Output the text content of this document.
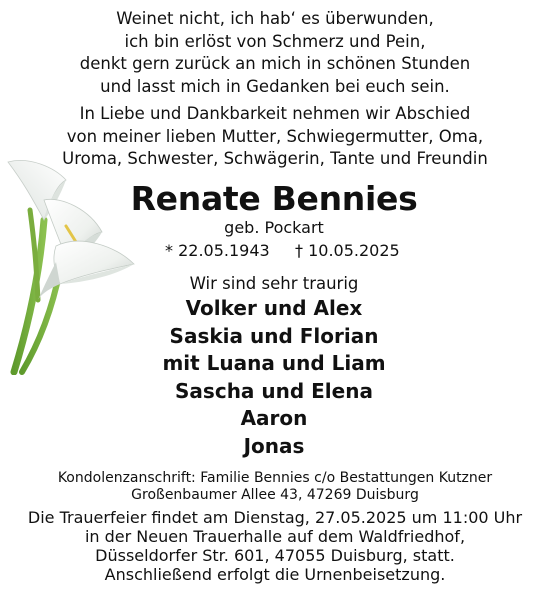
Weinet nicht, ich hab‘ es überwunden,
ich bin erlöst von Schmerz und Pein,
denkt gern zurück an mich in schönen Stunden
und lasst mich in Gedanken bei euch sein.
In Liebe und Dankbarkeit nehmen wir Abschied
von meiner lieben Mutter, Schwiegermutter, Oma,
Uroma, Schwester, Schwägerin, Tante und Freundin
Renate Bennies
geb. Pockart
* 22.05.1943 † 10.05.2025
Wir sind sehr traurig
Volker und Alex
Saskia und Florian
mit Luana und Liam
Sascha und Elena
Aaron
Jonas
Kondolenzanschrift: Familie Bennies c/o Bestattungen Kutzner
Großenbaumer Allee 43, 47269 Duisburg
Die Trauerfeier findet am Dienstag, 27.05.2025 um 11:00 Uhr
in der Neuen Trauerhalle auf dem Waldfriedhof,
Düsseldorfer Str. 601, 47055 Duisburg, statt.
Anschließend erfolgt die Urnenbeisetzung.
